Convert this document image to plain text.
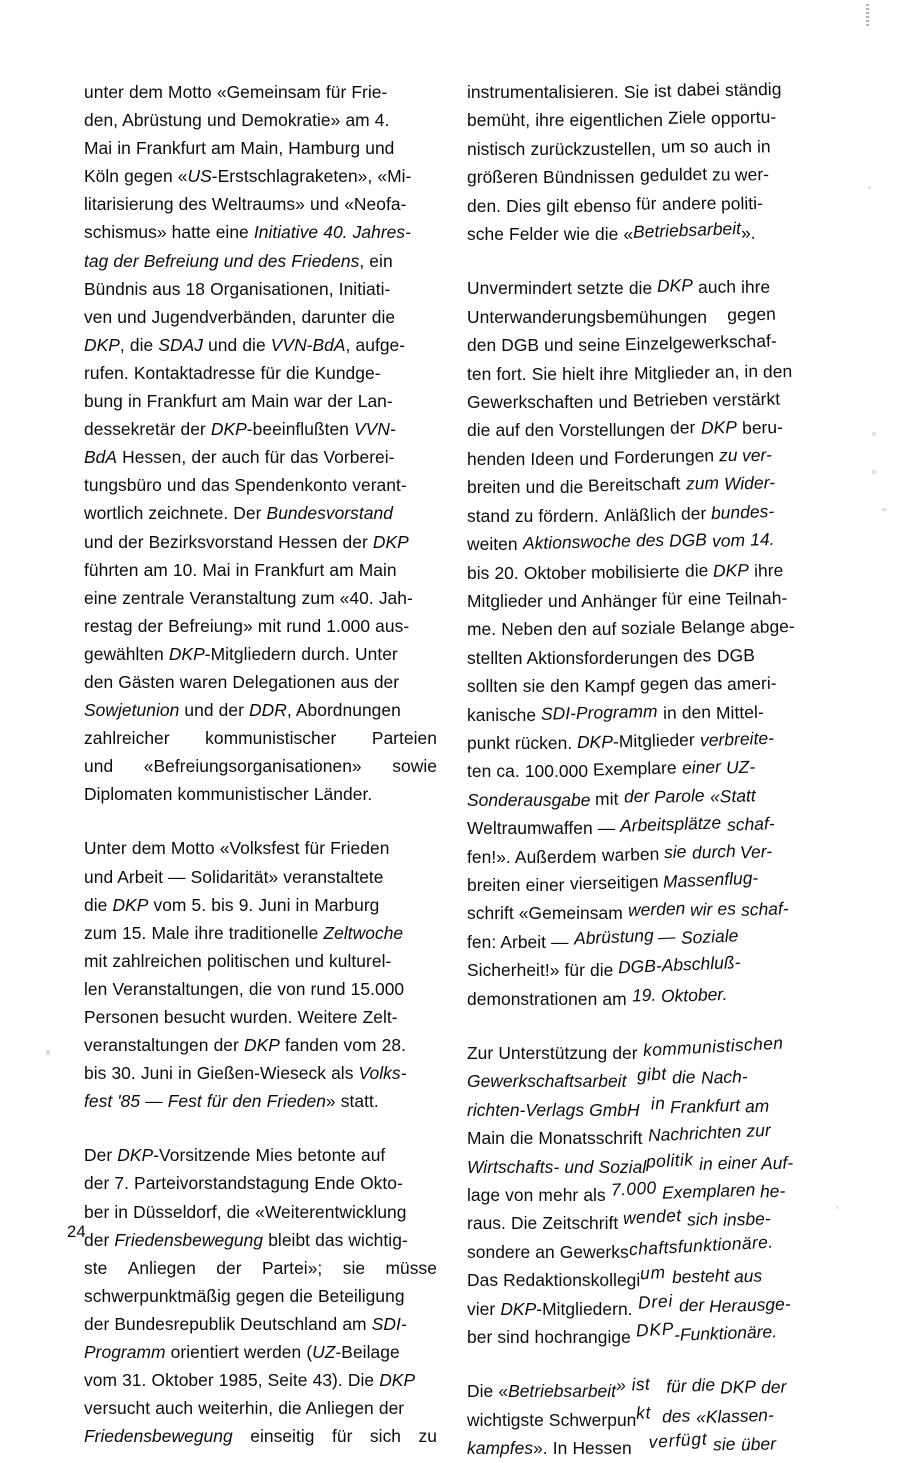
unter dem Motto «Gemeinsam für Frie-
den, Abrüstung und Demokratie» am 4.
Mai in Frankfurt am Main, Hamburg und
Köln gegen «US-Erstschlagraketen», «Mi-
litarisierung des Weltraums» und «Neofa-
schismus» hatte eine Initiative 40. Jahres-
tag der Befreiung und des Friedens, ein
Bündnis aus 18 Organisationen, Initiati-
ven und Jugendverbänden, darunter die
DKP, die SDAJ und die VVN-BdA, aufge-
rufen. Kontaktadresse für die Kundge-
bung in Frankfurt am Main war der Lan-
dessekretär der DKP-beeinflußten VVN-
BdA Hessen, der auch für das Vorberei-
tungsbüro und das Spendenkonto verant-
wortlich zeichnete. Der Bundesvorstand
und der Bezirksvorstand Hessen der DKP
führten am 10. Mai in Frankfurt am Main
eine zentrale Veranstaltung zum «40. Jah-
restag der Befreiung» mit rund 1.000 aus-
gewählten DKP-Mitgliedern durch. Unter
den Gästen waren Delegationen aus der
Sowjetunion und der DDR, Abordnungen
zahlreicher kommunistischer Parteien
und «Befreiungsorganisationen» sowie
Diplomaten kommunistischer Länder.
Unter dem Motto «Volksfest für Frieden
und Arbeit — Solidarität» veranstaltete
die DKP vom 5. bis 9. Juni in Marburg
zum 15. Male ihre traditionelle Zeltwoche
mit zahlreichen politischen und kulturel-
len Veranstaltungen, die von rund 15.000
Personen besucht wurden. Weitere Zelt-
veranstaltungen der DKP fanden vom 28.
bis 30. Juni in Gießen-Wieseck als Volks-
fest '85 — Fest für den Frieden» statt.
Der DKP-Vorsitzende Mies betonte auf
der 7. Parteivorstandstagung Ende Okto-
ber in Düsseldorf, die «Weiterentwicklung
der Friedensbewegung bleibt das wichtig-
ste Anliegen der Partei»; sie müsse
schwerpunktmäßig gegen die Beteiligung
der Bundesrepublik Deutschland am SDI-
Programm orientiert werden (UZ-Beilage
vom 31. Oktober 1985, Seite 43). Die DKP
versucht auch weiterhin, die Anliegen der
Friedensbewegung einseitig für sich zu
instrumentalisieren. Sie ist dabei ständig
bemüht, ihre eigentlichen Ziele opportu-
nistisch zurückzustellen, um so auch in
größeren Bündnissen geduldet zu wer-
den. Dies gilt ebenso für andere politi-
sche Felder wie die «Betriebsarbeit».
Unvermindert setzte die DKP auch ihre
Unterwanderungsbemühungen    gegen
den DGB und seine Einzelgewerkschaf-
ten fort. Sie hielt ihre Mitglieder an, in den
Gewerkschaften und Betrieben verstärkt
die auf den Vorstellungen der DKP beru-
henden Ideen und Forderungen zu ver-
breiten und die Bereitschaft zum Wider-
stand zu fördern. Anläßlich der bundes-
weiten Aktionswoche des DGB vom 14.
bis 20. Oktober mobilisierte die DKP ihre
Mitglieder und Anhänger für eine Teilnah-
me. Neben den auf soziale Belange abge-
stellten Aktionsforderungen des DGB
sollten sie den Kampf gegen das ameri-
kanische SDI-Programm in den Mittel-
punkt rücken. DKP-Mitglieder verbreite-
ten ca. 100.000 Exemplare einer UZ-
Sonderausgabe mit der Parole «Statt
Weltraumwaffen — Arbeitsplätze schaf-
fen!». Außerdem warben sie durch Ver-
breiten einer vierseitigen Massenflug-
schrift «Gemeinsam werden wir es schaf-
fen: Arbeit — Abrüstung — Soziale
Sicherheit!» für die DGB-Abschluß-
demonstrationen am 19. Oktober.
Zur Unterstützung der kommunistischen
Gewerkschaftsarbeit  gibt die Nach-
richten-Verlags GmbH  in Frankfurt am
Main die Monatsschrift Nachrichten zur
Wirtschafts- und Sozialpolitik in einer Auf-
lage von mehr als 7.000 Exemplaren he-
raus. Die Zeitschrift wendet sich insbe-
sondere an Gewerkschaftsfunktionäre.
Das Redaktionskollegium besteht aus
vier DKP-Mitgliedern. Drei der Herausge-
ber sind hochrangige DKP-Funktionäre.
Die «Betriebsarbeit» ist   für die DKP der
wichtigste Schwerpunkt  des «Klassen-
kampfes». In Hessen   verfügt sie über
24
